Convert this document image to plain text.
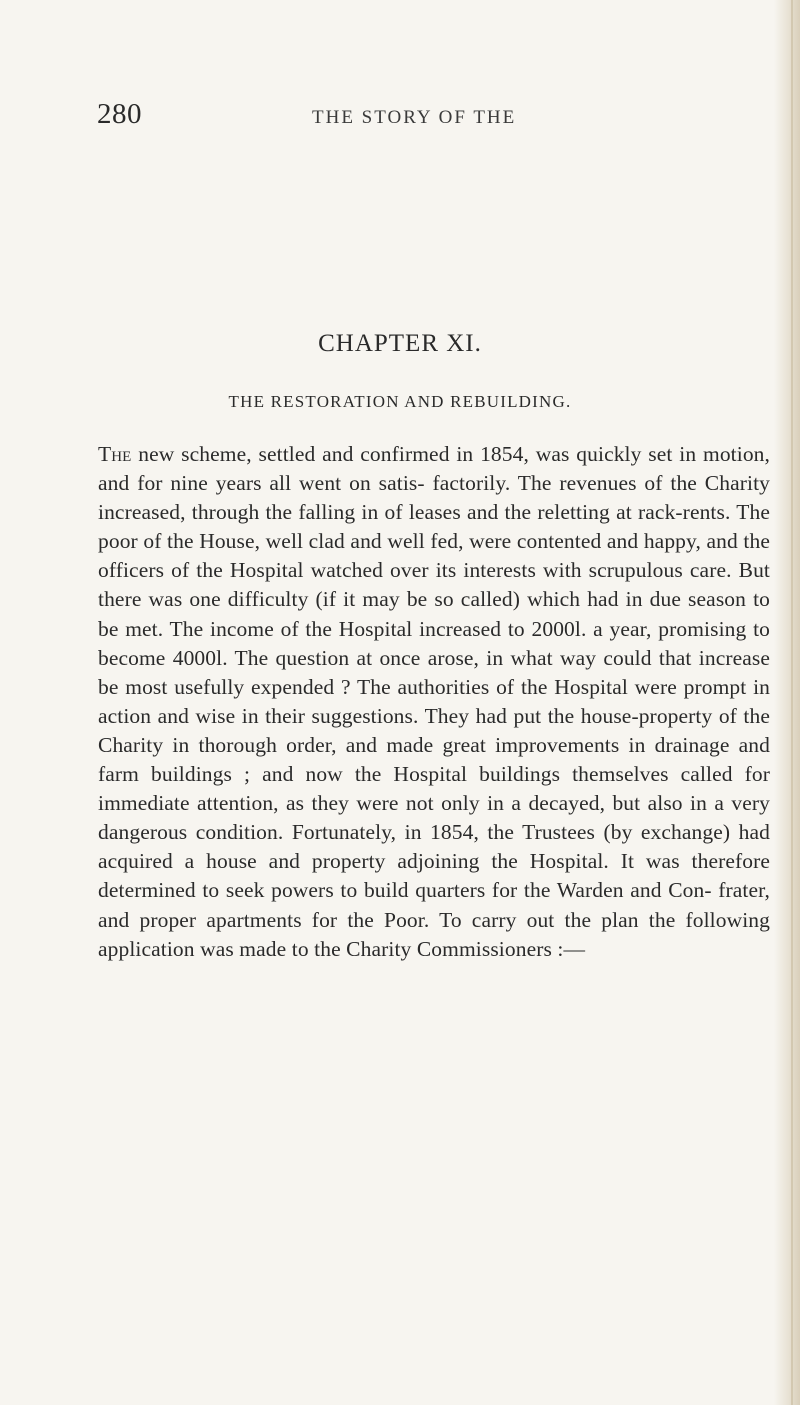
280	THE STORY OF THE
CHAPTER XI.
THE RESTORATION AND REBUILDING.

The new scheme, settled and confirmed in 1854, was quickly set in motion, and for nine years all went on satis- factorily. The revenues of the Charity increased, through the falling in of leases and the reletting at rack-rents. The poor of the House, well clad and well fed, were contented and happy, and the officers of the Hospital watched over its interests with scrupulous care. But there was one difficulty (if it may be so called) which had in due season to be met. The income of the Hospital increased to 2000l. a year, promising to become 4000l. The question at once arose, in what way could that increase be most usefully expended ? The authorities of the Hospital were prompt in action and wise in their suggestions. They had put the house-property of the Charity in thorough order, and made great improvements in drainage and farm buildings ; and now the Hospital buildings themselves called for immediate attention, as they were not only in a decayed, but also in a very dangerous condition. Fortunately, in 1854, the Trustees (by exchange) had acquired a house and property adjoining the Hospital. It was therefore determined to seek powers to build quarters for the Warden and Con- frater, and proper apartments for the Poor. To carry out the plan the following application was made to the Charity Commissioners :—
